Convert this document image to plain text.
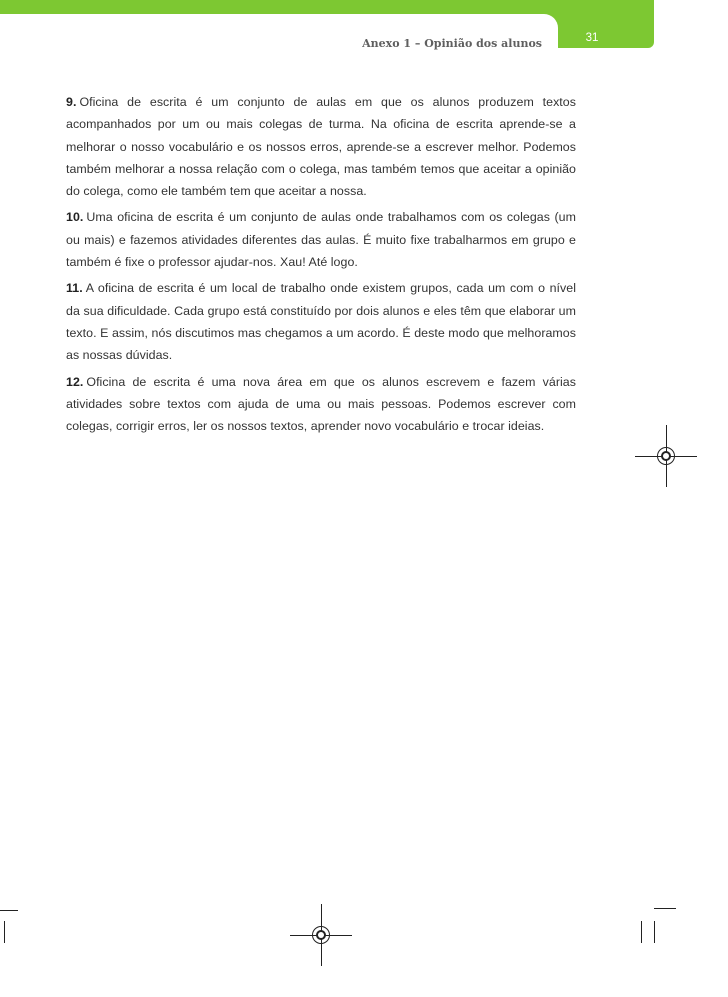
Anexo 1 – Opinião dos alunos	31

9. Oficina de escrita é um conjunto de aulas em que os alunos produzem textos acompanhados por um ou mais colegas de turma. Na oficina de escrita aprende-se a melhorar o nosso vocabulário e os nossos erros, aprende-se a escrever melhor. Podemos também melhorar a nossa relação com o colega, mas também temos que aceitar a opinião do colega, como ele também tem que aceitar a nossa.

10. Uma oficina de escrita é um conjunto de aulas onde trabalhamos com os colegas (um ou mais) e fazemos atividades diferentes das aulas. É muito fixe trabalharmos em grupo e também é fixe o professor ajudar-nos. Xau! Até logo.

11. A oficina de escrita é um local de trabalho onde existem grupos, cada um com o nível da sua dificuldade. Cada grupo está constituído por dois alunos e eles têm que elaborar um texto. E assim, nós discutimos mas chegamos a um acordo. É deste modo que melhoramos as nossas dúvidas.

12. Oficina de escrita é uma nova área em que os alunos escrevem e fazem várias atividades sobre textos com ajuda de uma ou mais pessoas. Podemos escrever com colegas, corrigir erros, ler os nossos textos, aprender novo vocabulário e trocar ideias.
